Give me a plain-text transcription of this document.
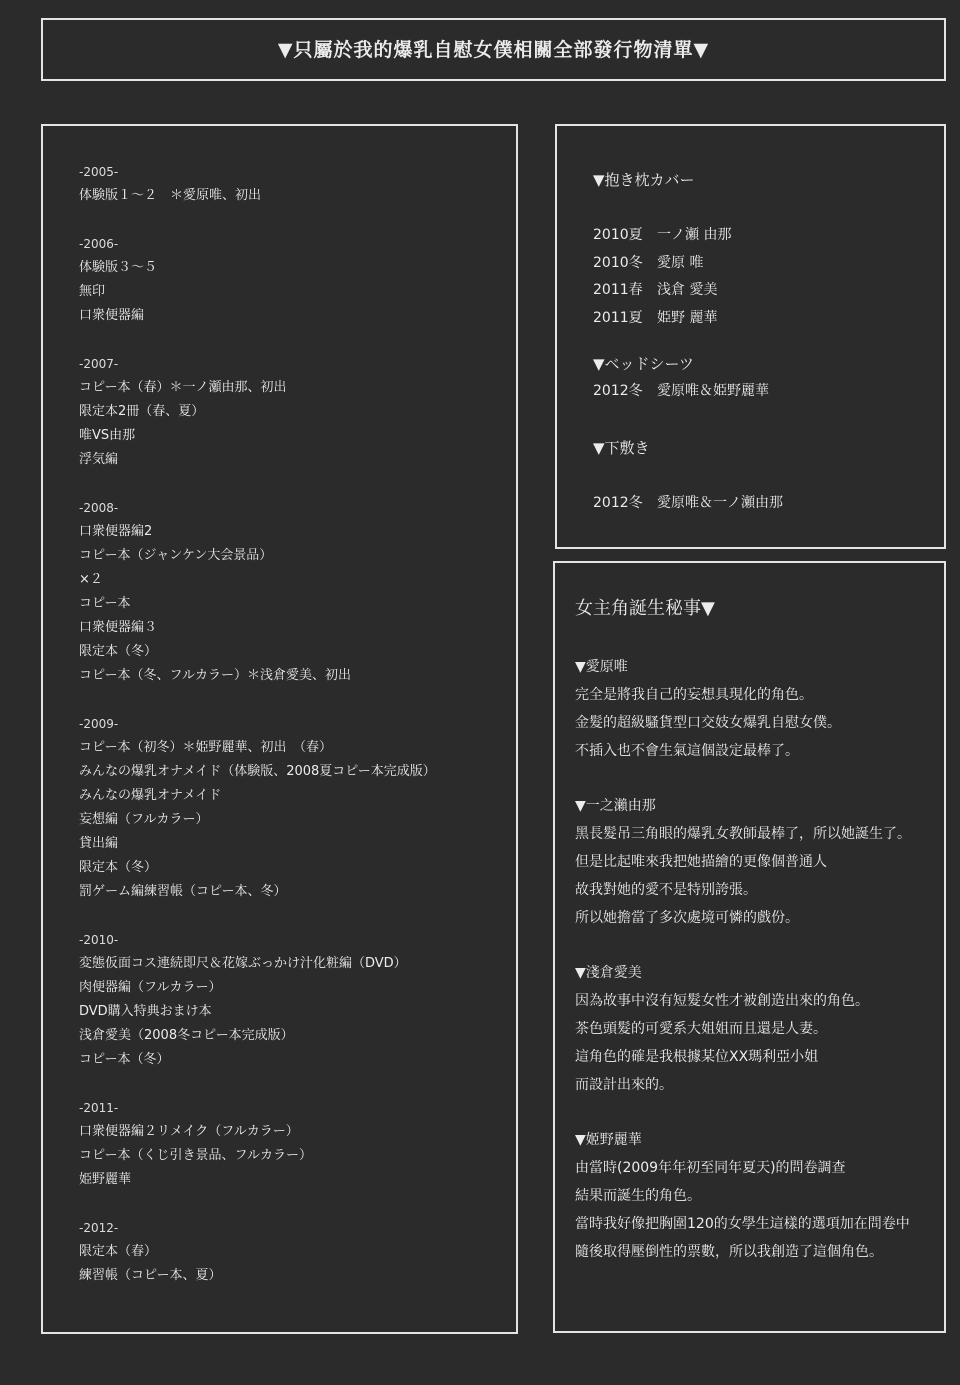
▼只屬於我的爆乳自慰女僕相關全部發行物清單▼
-2005-
体験版１～２　＊愛原唯、初出
-2006-
体験版３～５
無印
口衆便器編
-2007-
コピー本（春）＊一ノ瀬由那、初出
限定本2冊（春、夏）
唯VS由那
浮気編
-2008-
口衆便器編2
コピー本（ジャンケン大会景品）
×２
コピー本
口衆便器編３
限定本（冬）
コピー本（冬、フルカラー）＊浅倉愛美、初出
-2009-
コピー本（初冬）＊姫野麗華、初出　（春）
みんなの爆乳オナメイド（体験版、2008夏コピー本完成版）
みんなの爆乳オナメイド
妄想編（フルカラー）
貸出編
限定本（冬）
罰ゲーム編練習帳（コピー本、冬）
-2010-
変態仮面コス連続即尺＆花嫁ぶっかけ汁化粧編（DVD）
肉便器編（フルカラー）
DVD購入特典おまけ本
浅倉愛美（2008冬コピー本完成版）
コピー本（冬）
-2011-
口衆便器編２リメイク（フルカラー）
コピー本（くじ引き景品、フルカラー）
姫野麗華
-2012-
限定本（春）
練習帳（コピー本、夏）
▼抱き枕カバー
2010夏 一ノ瀬 由那
2010冬 愛原 唯
2011春 浅倉 愛美
2011夏 姫野 麗華
▼ベッドシーツ
2012冬 愛原唯＆姫野麗華
▼下敷き
2012冬 愛原唯＆一ノ瀬由那
女主角誕生秘事▼
▼愛原唯
完全是將我自己的妄想具現化的角色。
金髮的超級騷貨型口交妓女爆乳自慰女僕。
不插入也不會生氣這個設定最棒了。
▼一之瀨由那
黑長髮吊三角眼的爆乳女教師最棒了，所以她誕生了。
但是比起唯來我把她描繪的更像個普通人
故我對她的愛不是特別誇張。
所以她擔當了多次處境可憐的戲份。
▼淺倉愛美
因為故事中沒有短髮女性才被創造出來的角色。
茶色頭髮的可愛系大姐姐而且還是人妻。
這角色的確是我根據某位XX瑪利亞小姐
而設計出來的。
▼姬野麗華
由當時(2009年年初至同年夏天)的問卷調查
結果而誕生的角色。
當時我好像把胸圍120的女學生這樣的選項加在問卷中
隨後取得壓倒性的票數，所以我創造了這個角色。
